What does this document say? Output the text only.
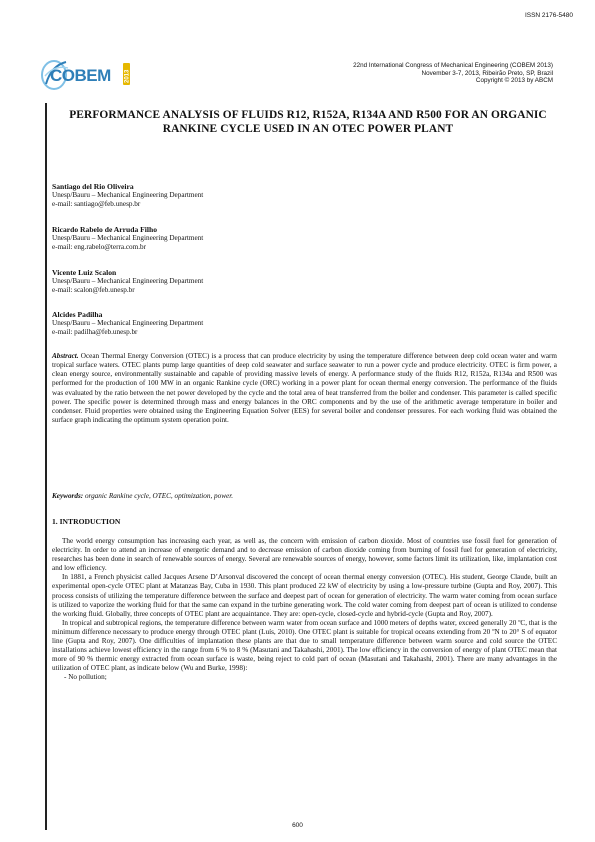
ISSN 2176-5480
COBEM 2013
22nd International Congress of Mechanical Engineering (COBEM 2013)
November 3-7, 2013, Ribeirão Preto, SP, Brazil
Copyright © 2013 by ABCM
PERFORMANCE ANALYSIS OF FLUIDS R12, R152A, R134A AND R500 FOR AN ORGANIC RANKINE CYCLE USED IN AN OTEC POWER PLANT
Santiago del Rio Oliveira
Unesp/Bauru – Mechanical Engineering Department
e-mail: santiago@feb.unesp.br
Ricardo Rabelo de Arruda Filho
Unesp/Bauru – Mechanical Engineering Department
e-mail: eng.rabelo@terra.com.br
Vicente Luiz Scalon
Unesp/Bauru – Mechanical Engineering Department
e-mail: scalon@feb.unesp.br
Alcides Padilha
Unesp/Bauru – Mechanical Engineering Department
e-mail: padilha@feb.unesp.br
Abstract. Ocean Thermal Energy Conversion (OTEC) is a process that can produce electricity by using the temperature difference between deep cold ocean water and warm tropical surface waters. OTEC plants pump large quantities of deep cold seawater and surface seawater to run a power cycle and produce electricity. OTEC is firm power, a clean energy source, environmentally sustainable and capable of providing massive levels of energy. A performance study of the fluids R12, R152a, R134a and R500 was performed for the production of 100 MW in an organic Rankine cycle (ORC) working in a power plant for ocean thermal energy conversion. The performance of the fluids was evaluated by the ratio between the net power developed by the cycle and the total area of heat transferred from the boiler and condenser. This parameter is called specific power. The specific power is determined through mass and energy balances in the ORC components and by the use of the arithmetic average temperature in boiler and condenser. Fluid properties were obtained using the Engineering Equation Solver (EES) for several boiler and condenser pressures. For each working fluid was obtained the surface graph indicating the optimum system operation point.
Keywords: organic Rankine cycle, OTEC, optimization, power.
1. INTRODUCTION

The world energy consumption has increasing each year, as well as, the concern with emission of carbon dioxide. Most of countries use fossil fuel for generation of electricity. In order to attend an increase of energetic demand and to decrease emission of carbon dioxide coming from burning of fossil fuel for generation of electricity, researches has been done in search of renewable sources of energy. Several are renewable sources of energy, however, some factors limit its utilization, like, implantation cost and low efficiency.

In 1881, a French physicist called Jacques Arsene D’Arsonval discovered the concept of ocean thermal energy conversion (OTEC). His student, George Claude, built an experimental open-cycle OTEC plant at Matanzas Bay, Cuba in 1930. This plant produced 22 kW of electricity by using a low-pressure turbine (Gupta and Roy, 2007). This process consists of utilizing the temperature difference between the surface and deepest part of ocean for generation of electricity. The warm water coming from ocean surface is utilized to vaporize the working fluid for that the same can expand in the turbine generating work. The cold water coming from deepest part of ocean is utilized to condense the working fluid. Globally, three concepts of OTEC plant are acquaintance. They are: open-cycle, closed-cycle and hybrid-cycle (Gupta and Roy, 2007).

In tropical and subtropical regions, the temperature difference between warm water from ocean surface and 1000 meters of depths water, exceed generally 20 ºC, that is the minimum difference necessary to produce energy through OTEC plant (Luís, 2010). One OTEC plant is suitable for tropical oceans extending from 20 ºN to 20° S of equator line (Gupta and Roy, 2007). One difficulties of implantation these plants are that due to small temperature difference between warm source and cold source the OTEC installations achieve lowest efficiency in the range from 6 % to 8 % (Masutani and Takahashi, 2001). The low efficiency in the conversion of energy of plant OTEC mean that more of 90 % thermic energy extracted from ocean surface is waste, being reject to cold part of ocean (Masutani and Takahashi, 2001). There are many advantages in the utilization of OTEC plant, as indicate below (Wu and Burke, 1998):

- No pollution;

600
